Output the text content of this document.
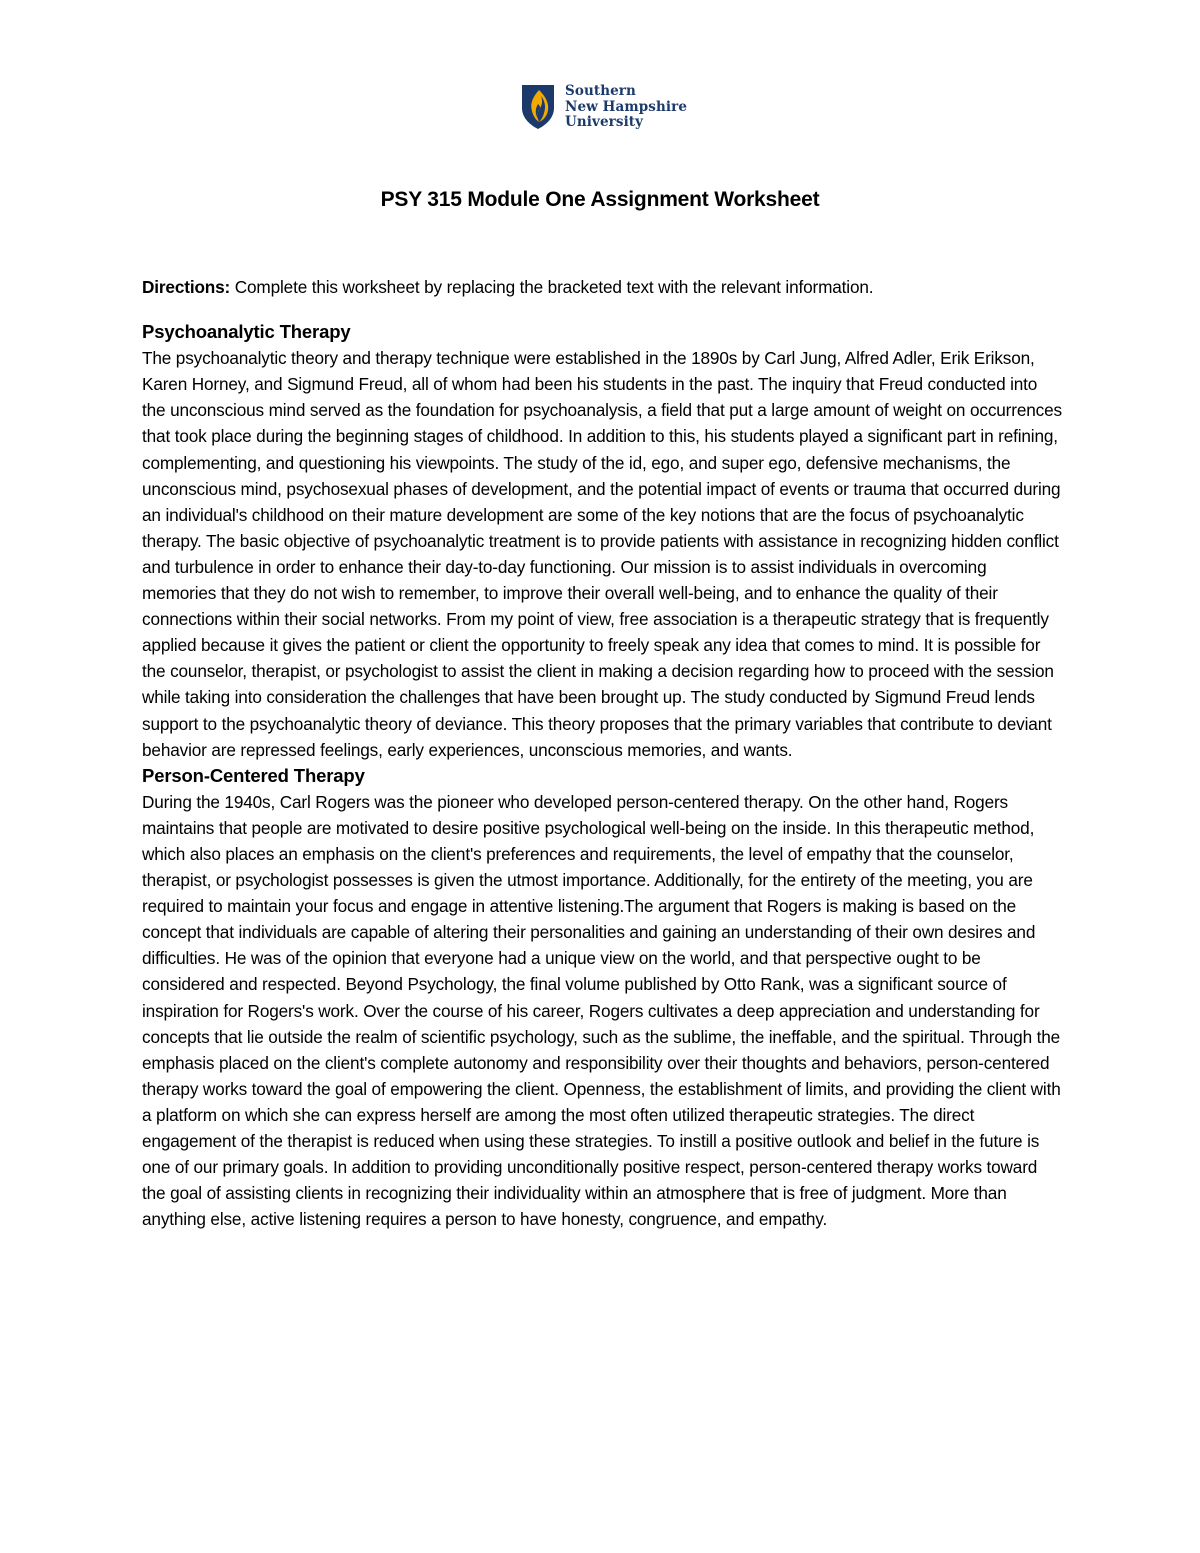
Southern
New Hampshire
University
PSY 315 Module One Assignment Worksheet

Directions: Complete this worksheet by replacing the bracketed text with the relevant information.

Psychoanalytic Therapy

The psychoanalytic theory and therapy technique were established in the 1890s by Carl Jung, Alfred Adler, Erik Erikson, Karen Horney, and Sigmund Freud, all of whom had been his students in the past. The inquiry that Freud conducted into the unconscious mind served as the foundation for psychoanalysis, a field that put a large amount of weight on occurrences that took place during the beginning stages of childhood. In addition to this, his students played a significant part in refining, complementing, and questioning his viewpoints. The study of the id, ego, and super ego, defensive mechanisms, the unconscious mind, psychosexual phases of development, and the potential impact of events or trauma that occurred during an individual's childhood on their mature development are some of the key notions that are the focus of psychoanalytic therapy. The basic objective of psychoanalytic treatment is to provide patients with assistance in recognizing hidden conflict and turbulence in order to enhance their day-to-day functioning. Our mission is to assist individuals in overcoming memories that they do not wish to remember, to improve their overall well-being, and to enhance the quality of their connections within their social networks. From my point of view, free association is a therapeutic strategy that is frequently applied because it gives the patient or client the opportunity to freely speak any idea that comes to mind. It is possible for the counselor, therapist, or psychologist to assist the client in making a decision regarding how to proceed with the session while taking into consideration the challenges that have been brought up. The study conducted by Sigmund Freud lends support to the psychoanalytic theory of deviance. This theory proposes that the primary variables that contribute to deviant behavior are repressed feelings, early experiences, unconscious memories, and wants.

Person-Centered Therapy

During the 1940s, Carl Rogers was the pioneer who developed person-centered therapy. On the other hand, Rogers maintains that people are motivated to desire positive psychological well-being on the inside. In this therapeutic method, which also places an emphasis on the client's preferences and requirements, the level of empathy that the counselor, therapist, or psychologist possesses is given the utmost importance. Additionally, for the entirety of the meeting, you are required to maintain your focus and engage in attentive listening.The argument that Rogers is making is based on the concept that individuals are capable of altering their personalities and gaining an understanding of their own desires and difficulties. He was of the opinion that everyone had a unique view on the world, and that perspective ought to be considered and respected. Beyond Psychology, the final volume published by Otto Rank, was a significant source of inspiration for Rogers's work. Over the course of his career, Rogers cultivates a deep appreciation and understanding for concepts that lie outside the realm of scientific psychology, such as the sublime, the ineffable, and the spiritual. Through the emphasis placed on the client's complete autonomy and responsibility over their thoughts and behaviors, person-centered therapy works toward the goal of empowering the client. Openness, the establishment of limits, and providing the client with a platform on which she can express herself are among the most often utilized therapeutic strategies. The direct engagement of the therapist is reduced when using these strategies. To instill a positive outlook and belief in the future is one of our primary goals. In addition to providing unconditionally positive respect, person-centered therapy works toward the goal of assisting clients in recognizing their individuality within an atmosphere that is free of judgment. More than anything else, active listening requires a person to have honesty, congruence, and empathy.
